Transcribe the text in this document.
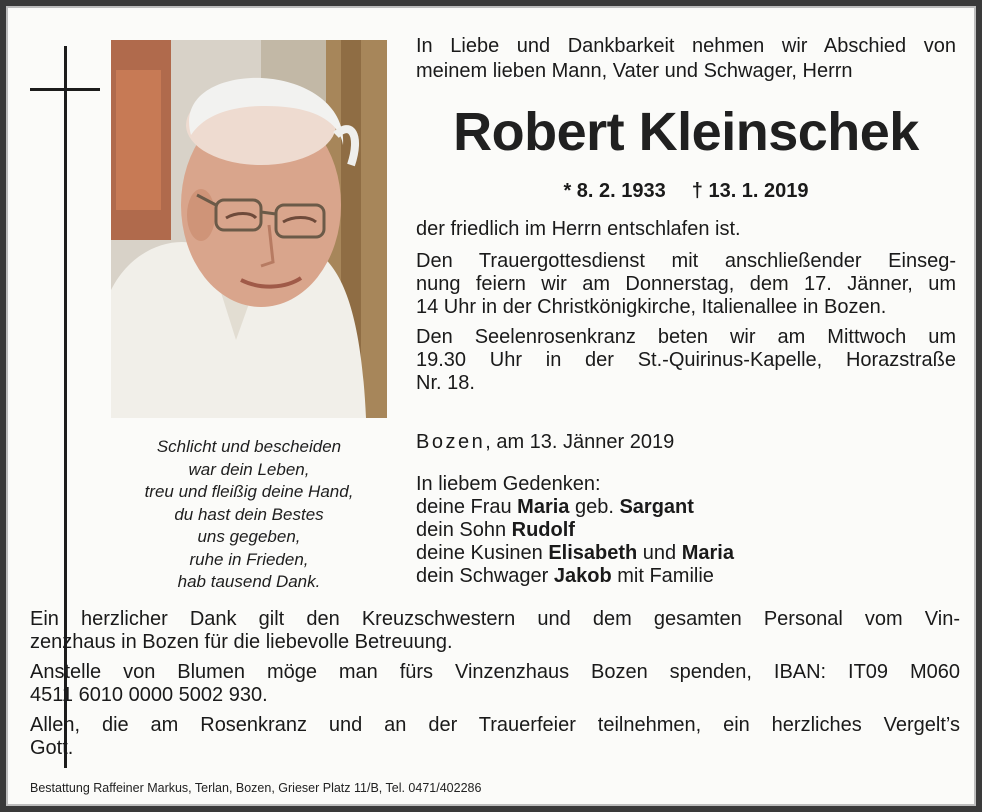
Schlicht und bescheiden
war dein Leben,
treu und fleißig deine Hand,
du hast dein Bestes
uns gegeben,
ruhe in Frieden,
hab tausend Dank.
In Liebe und Dankbarkeit nehmen wir Abschied von
meinem lieben Mann, Vater und Schwager, Herrn
Robert Kleinschek
* 8. 2. 1933 † 13. 1. 2019
der friedlich im Herrn entschlafen ist.
Den Trauergottesdienst mit anschließender Einseg-
nung feiern wir am Donnerstag, dem 17. Jänner, um
14 Uhr in der Christkönigkirche, Italienallee in Bozen.
Den Seelenrosenkranz beten wir am Mittwoch um
19.30 Uhr in der St.-Quirinus-Kapelle, Horazstraße
Nr. 18.
Bozen, am 13. Jänner 2019
In liebem Gedenken:
deine Frau Maria geb. Sargant
dein Sohn Rudolf
deine Kusinen Elisabeth und Maria
dein Schwager Jakob mit Familie
Ein herzlicher Dank gilt den Kreuzschwestern und dem gesamten Personal vom Vin-
zenzhaus in Bozen für die liebevolle Betreuung.
Anstelle von Blumen möge man fürs Vinzenzhaus Bozen spenden, IBAN: IT09 M060
4511 6010 0000 5002 930.
Allen, die am Rosenkranz und an der Trauerfeier teilnehmen, ein herzliches Vergelt’s
Gott.
Bestattung Raffeiner Markus, Terlan, Bozen, Grieser Platz 11/B, Tel. 0471/402286
